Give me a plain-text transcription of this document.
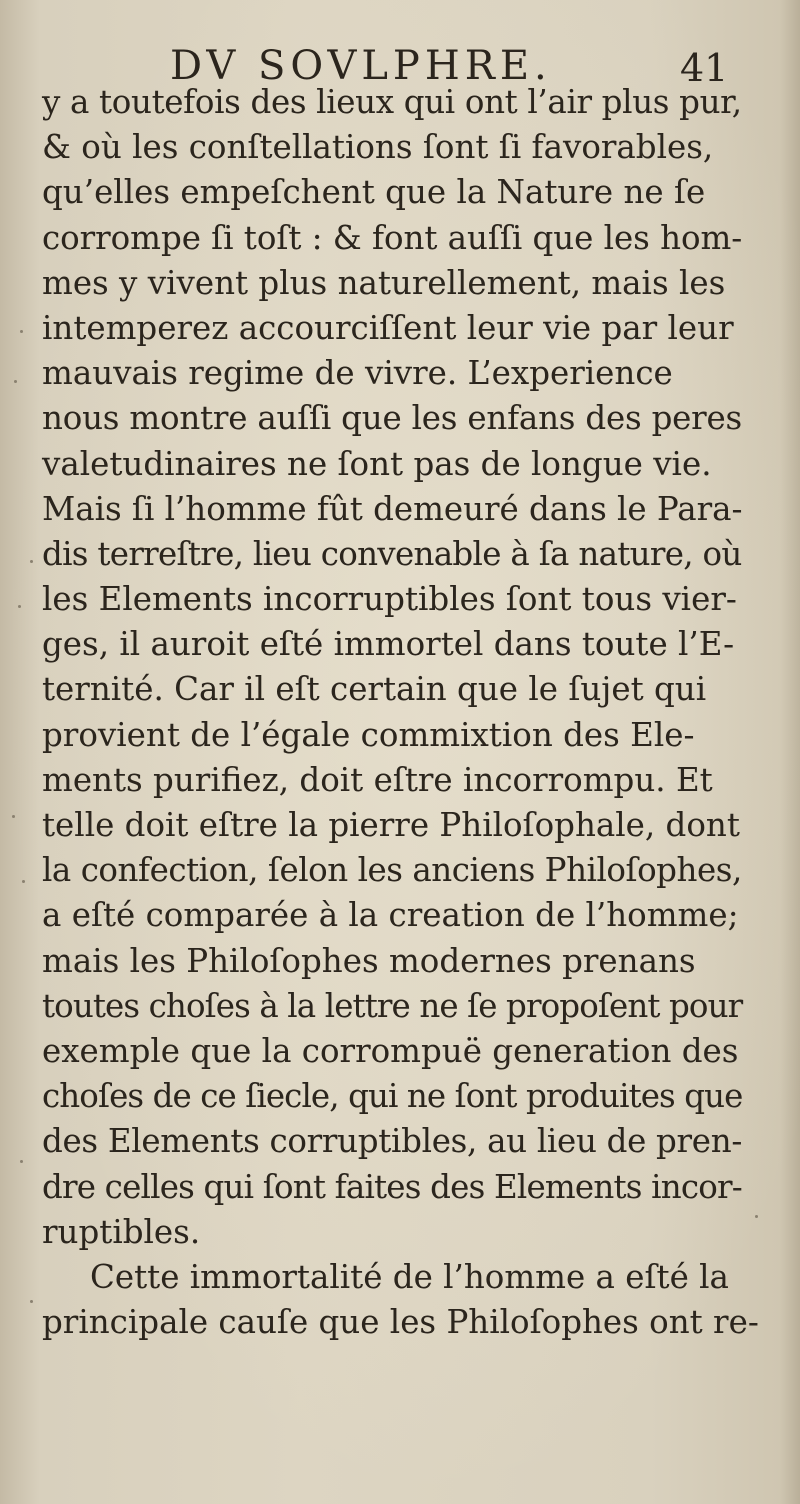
DV SOVLPHRE.	41
y a toutefois des lieux qui ont l’air plus pur,
& où les conſtellations ſont ſi favorables,
qu’elles empeſchent que la Nature ne ſe
corrompe ſi toſt : & font auſſi que les hom-
mes y vivent plus naturellement, mais les
intemperez accourciſſent leur vie par leur
mauvais regime de vivre. L’experience
nous montre auſſi que les enfans des peres
valetudinaires ne ſont pas de longue vie.
Mais ſi l’homme fût demeuré dans le Para-
dis terreſtre, lieu convenable à ſa nature, où
les Elements incorruptibles ſont tous vier-
ges, il auroit eſté immortel dans toute l’E-
ternité. Car il eſt certain que le ſujet qui
provient de l’égale commixtion des Ele-
ments purifiez, doit eſtre incorrompu. Et
telle doit eſtre la pierre Philoſophale, dont
la confection, ſelon les anciens Philoſophes,
a eſté comparée à la creation de l’homme;
mais les Philoſophes modernes prenans
toutes choſes à la lettre ne ſe propoſent pour
exemple que la corrompuë generation des
choſes de ce ſiecle, qui ne ſont produites que
des Elements corruptibles, au lieu de pren-
dre celles qui ſont faites des Elements incor-
ruptibles.
Cette immortalité de l’homme a eſté la
principale cauſe que les Philoſophes ont re-
